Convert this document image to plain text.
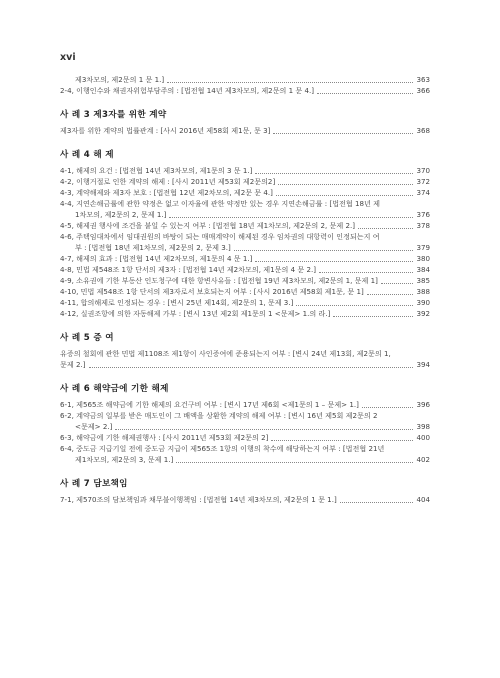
xvi
제3차모의, 제2문의 1 문 1.]	363
2-4, 이행인수와 채권자위험부담주의 : [법전협 14년 제3차모의, 제2문의 1 문 4.]	366
사 례 3 제3자를 위한 계약
제3자를 위한 계약의 법률관계 : [사시 2016년 제58회 제1문, 문 3]	368
사 례 4 해 제
4-1, 해제의 요건 : [법전협 14년 제3차모의, 제1문의 3 문 1.]	370
4-2, 이행거절로 인한 계약의 해제 : [사시 2011년 제53회 제2문의2]	372
4-3, 계약해제와 제3자 보호 : [법전협 12년 제2차모의, 제2문 문 4.]	374
4-4, 지연손해금률에 관한 약정은 없고 이자율에 관한 약정만 있는 경우 지연손해금률 : [법전협 18년 제
1차모의, 제2문의 2, 문제 1.]	376
4-5, 해제권 행사에 조건을 붙일 수 있는지 여부 : [법전협 18년 제1차모의, 제2문의 2, 문제 2.]	378
4-6, 주택임대차에서 임대권원의 바탕이 되는 매매계약이 해제된 경우 임차권의 대항력이 인정되는지 여
부 : [법전협 18년 제1차모의, 제2문의 2, 문제 3.]	379
4-7, 해제의 효과 : [법전협 14년 제2차모의, 제1문의 4 문 1.]	380
4-8, 민법 제548조 1항 단서의 제3자 : [법전협 14년 제2차모의, 제1문의 4 문 2.]	384
4-9, 소유권에 기한 부동산 인도청구에 대한 항변사유들 : [법전협 19년 제3차모의, 제2문의 1, 문제 1]	385
4-10, 민법 제548조 1항 단서의 제3자로서 보호되는지 여부 : [사시 2016년 제58회 제1문, 문 1]	388
4-11, 합의해제로 인정되는 경우 : [변시 25년 제14회, 제2문의 1, 문제 3.]	390
4-12, 실권조항에 의한 자동해제 가부 : [변시 13년 제2회 제1문의 1 <문제> 1.의 라.]	392
사 례 5 증 여
유증의 철회에 관한 민법 제1108조 제1항이 사인증여에 준용되는지 여부 : [변시 24년 제13회, 제2문의 1,
문제 2.]	394
사 례 6 해약금에 기한 해제
6-1, 제565조 해약금에 기한 해제의 요건구비 여부 : [변시 17년 제6회 <제1문의 1 – 문제> 1.]	396
6-2, 계약금의 일부를 받은 매도인이 그 배액을 상환한 계약의 해제 여부 : [변시 16년 제5회 제2문의 2
<문제> 2.]	398
6-3, 해약금에 기한 해제권행사 : [사시 2011년 제53회 제2문의 2]	400
6-4, 중도금 지급기일 전에 중도금 지급이 제565조 1항의 이행의 착수에 해당하는지 여부 : [법전협 21년
제1차모의, 제2문의 3, 문제 1.]	402
사 례 7 담보책임
7-1, 제570조의 담보책임과 채무불이행책임 : [법전협 14년 제3차모의, 제2문의 1 문 1.]	404
